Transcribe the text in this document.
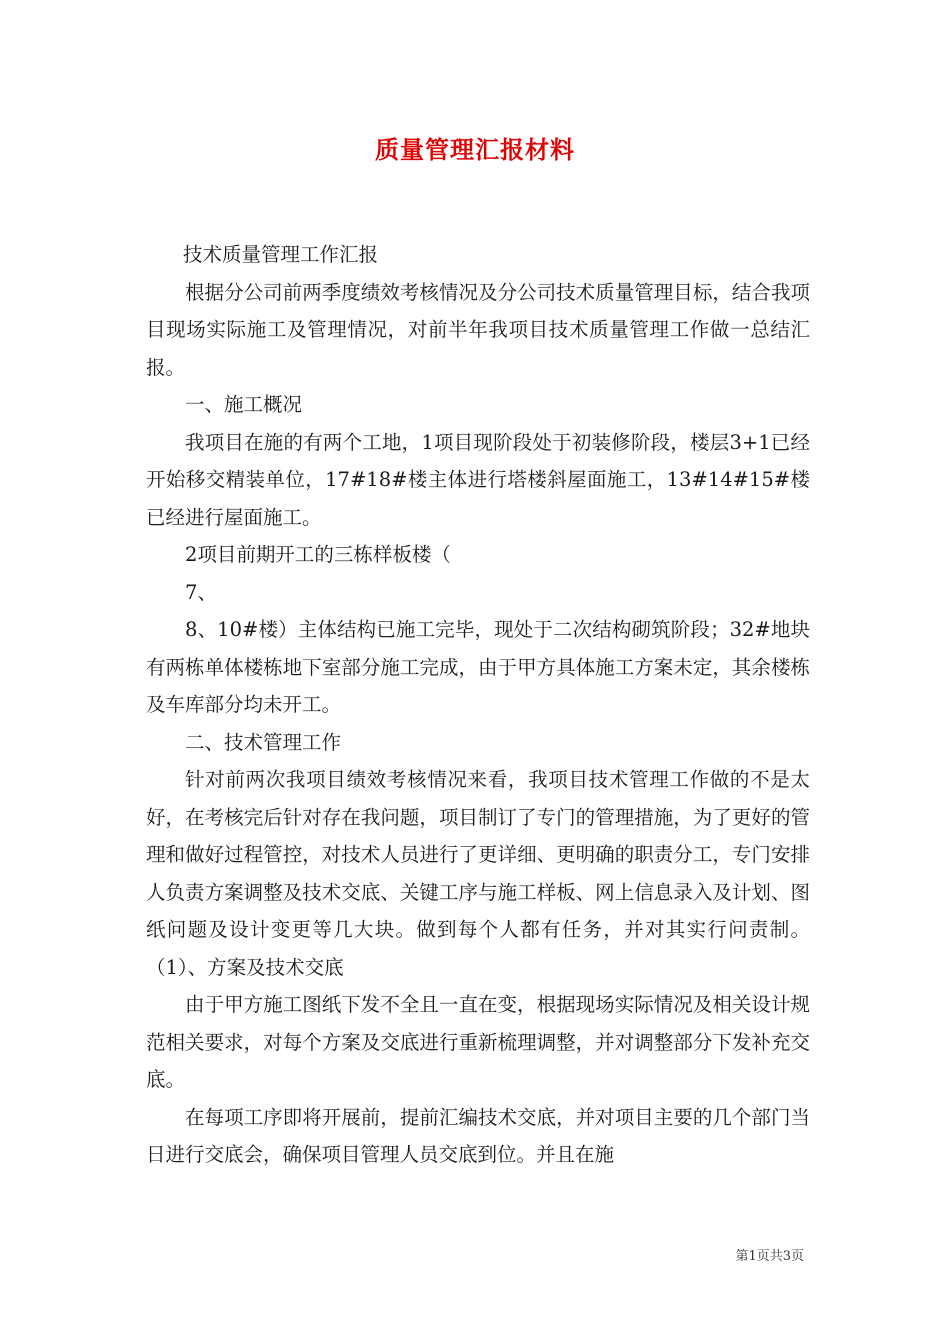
质量管理汇报材料

技术质量管理工作汇报

根据分公司前两季度绩效考核情况及分公司技术质量管理目标，结合我项目现场实际施工及管理情况，对前半年我项目技术质量管理工作做一总结汇报。

一、施工概况

我项目在施的有两个工地，1项目现阶段处于初装修阶段，楼层3+1已经开始移交精装单位，17#18#楼主体进行塔楼斜屋面施工，13#14#15#楼已经进行屋面施工。

2项目前期开工的三栋样板楼（

7、

8、10#楼）主体结构已施工完毕，现处于二次结构砌筑阶段；32#地块有两栋单体楼栋地下室部分施工完成，由于甲方具体施工方案未定，其余楼栋及车库部分均未开工。

二、技术管理工作

针对前两次我项目绩效考核情况来看，我项目技术管理工作做的不是太好，在考核完后针对存在我问题，项目制订了专门的管理措施，为了更好的管理和做好过程管控，对技术人员进行了更详细、更明确的职责分工，专门安排人负责方案调整及技术交底、关键工序与施工样板、网上信息录入及计划、图纸问题及设计变更等几大块。做到每个人都有任务，并对其实行问责制。（1）、方案及技术交底

由于甲方施工图纸下发不全且一直在变，根据现场实际情况及相关设计规范相关要求，对每个方案及交底进行重新梳理调整，并对调整部分下发补充交底。

在每项工序即将开展前，提前汇编技术交底，并对项目主要的几个部门当日进行交底会，确保项目管理人员交底到位。并且在施

第1页共3页
